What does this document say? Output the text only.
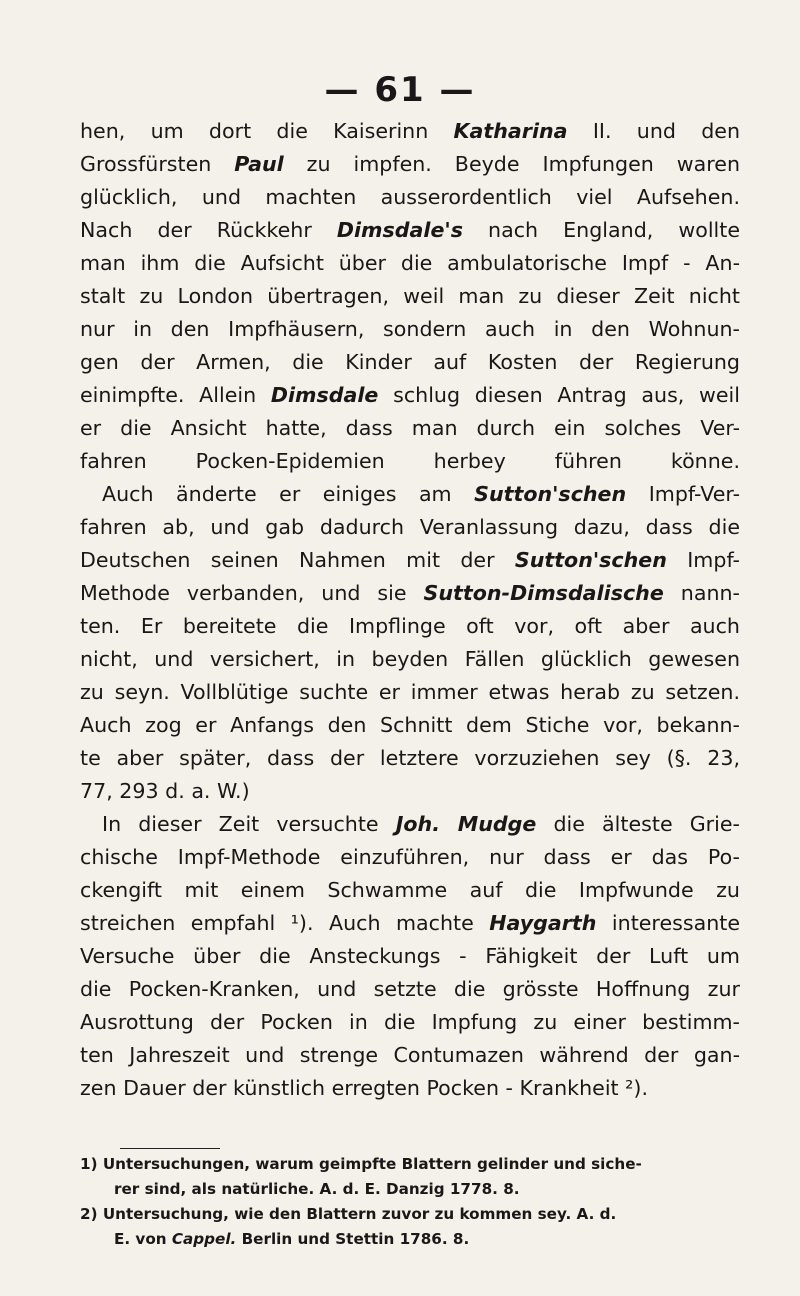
— 61 —
hen, um dort die Kaiserinn Katharina II. und den
Grossfürsten Paul zu impfen. Beyde Impfungen waren
glücklich, und machten ausserordentlich viel Aufsehen.
Nach der Rückkehr Dimsdale's nach England, wollte
man ihm die Aufsicht über die ambulatorische Impf - An-
stalt zu London übertragen, weil man zu dieser Zeit nicht
nur in den Impfhäusern, sondern auch in den Wohnun-
gen der Armen, die Kinder auf Kosten der Regierung
einimpfte. Allein Dimsdale schlug diesen Antrag aus, weil
er die Ansicht hatte, dass man durch ein solches Ver-
fahren Pocken-Epidemien herbey führen könne.
Auch änderte er einiges am Sutton'schen Impf-Ver-
fahren ab, und gab dadurch Veranlassung dazu, dass die
Deutschen seinen Nahmen mit der Sutton'schen Impf-
Methode verbanden, und sie Sutton-Dimsdalische nann-
ten. Er bereitete die Impflinge oft vor, oft aber auch
nicht, und versichert, in beyden Fällen glücklich gewesen
zu seyn. Vollblütige suchte er immer etwas herab zu setzen.
Auch zog er Anfangs den Schnitt dem Stiche vor, bekann-
te aber später, dass der letztere vorzuziehen sey (§. 23,
77, 293 d. a. W.)
In dieser Zeit versuchte Joh. Mudge die älteste Grie-
chische Impf-Methode einzuführen, nur dass er das Po-
ckengift mit einem Schwamme auf die Impfwunde zu
streichen empfahl ¹). Auch machte Haygarth interessante
Versuche über die Ansteckungs - Fähigkeit der Luft um
die Pocken-Kranken, und setzte die grösste Hoffnung zur
Ausrottung der Pocken in die Impfung zu einer bestimm-
ten Jahreszeit und strenge Contumazen während der gan-
zen Dauer der künstlich erregten Pocken - Krankheit ²).
1) Untersuchungen, warum geimpfte Blattern gelinder und siche-
rer sind, als natürliche. A. d. E. Danzig 1778. 8.
2) Untersuchung, wie den Blattern zuvor zu kommen sey. A. d.
E. von Cappel. Berlin und Stettin 1786. 8.
